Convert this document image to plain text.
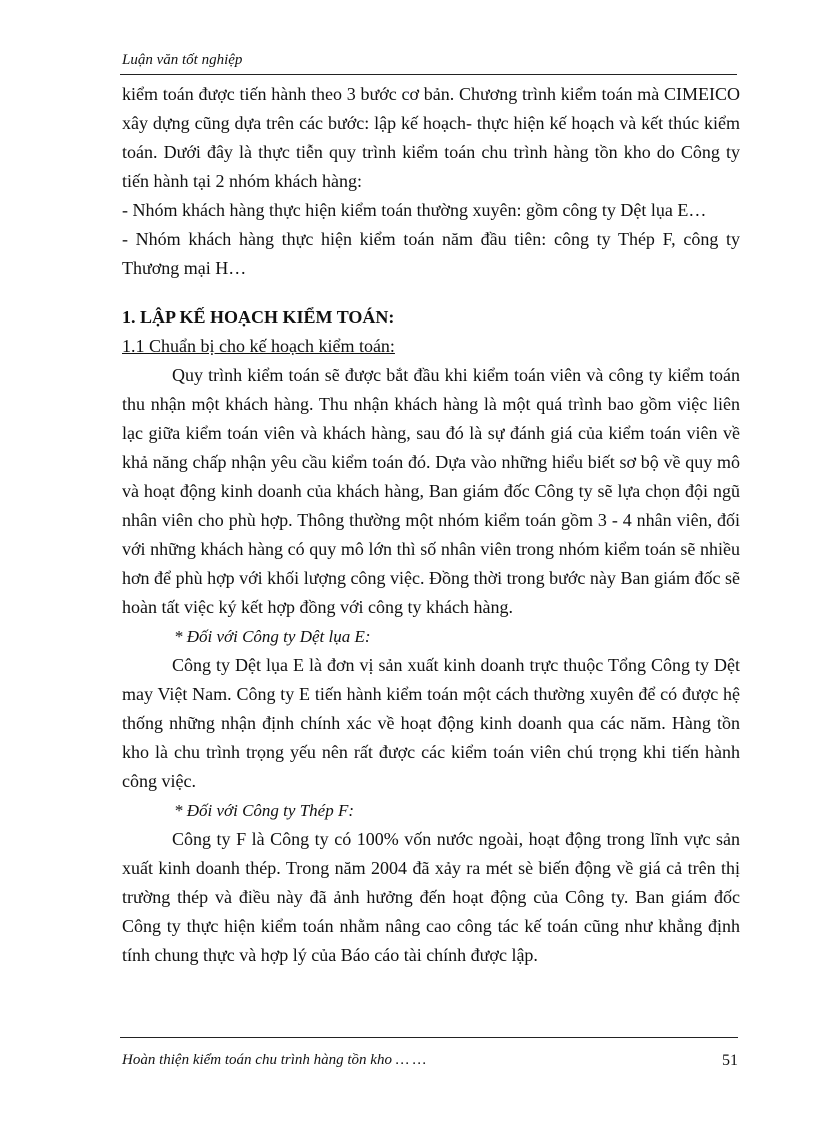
Luận văn tốt nghiệp

kiểm toán được tiến hành theo 3 bước cơ bản. Chương trình kiểm toán mà CIMEICO xây dựng cũng dựa trên các bước: lập kế hoạch- thực hiện kế hoạch và kết thúc kiểm toán. Dưới đây là thực tiễn quy trình kiểm toán chu trình hàng tồn kho do Công ty tiến hành tại 2 nhóm khách hàng:

- Nhóm khách hàng thực hiện kiểm toán thường xuyên: gồm công ty Dệt lụa E…

- Nhóm khách hàng thực hiện kiểm toán năm đầu tiên: công ty Thép F, công ty Thương mại H…

1. LẬP KẾ HOẠCH KIỂM TOÁN:

1.1 Chuẩn bị cho kế hoạch kiểm toán:

Quy trình kiểm toán sẽ được bắt đầu khi kiểm toán viên và công ty kiểm toán thu nhận một khách hàng. Thu nhận khách hàng là một quá trình bao gồm việc liên lạc giữa kiểm toán viên và khách hàng, sau đó là sự đánh giá của kiểm toán viên về khả năng chấp nhận yêu cầu kiểm toán đó. Dựa vào những hiểu biết sơ bộ về quy mô và hoạt động kinh doanh của khách hàng, Ban giám đốc Công ty sẽ lựa chọn đội ngũ nhân viên cho phù hợp. Thông thường một nhóm kiểm toán gồm 3 - 4 nhân viên, đối với những khách hàng có quy mô lớn thì số nhân viên trong nhóm kiểm toán sẽ nhiều hơn để phù hợp với khối lượng công việc. Đồng thời trong bước này Ban giám đốc sẽ hoàn tất việc ký kết hợp đồng với công ty khách hàng.

* Đối với Công ty Dệt lụa E:

Công ty Dệt lụa E là đơn vị sản xuất kinh doanh trực thuộc Tổng Công ty Dệt may Việt Nam. Công ty E tiến hành kiểm toán một cách thường xuyên để có được hệ thống những nhận định chính xác về hoạt động kinh doanh qua các năm. Hàng tồn kho là chu trình trọng yếu nên rất được các kiểm toán viên chú trọng khi tiến hành công việc.

* Đối với Công ty Thép F:

Công ty F là Công ty có 100% vốn nước ngoài, hoạt động trong lĩnh vực sản xuất kinh doanh thép. Trong năm 2004 đã xảy ra mét sè biến động về giá cả trên thị trường thép và điều này đã ảnh hưởng đến hoạt động của Công ty. Ban giám đốc Công ty thực hiện kiểm toán nhằm nâng cao công tác kế toán cũng như khẳng định tính chung thực và hợp lý của Báo cáo tài chính được lập.

Hoàn thiện kiểm toán chu trình hàng tồn kho … …	51
